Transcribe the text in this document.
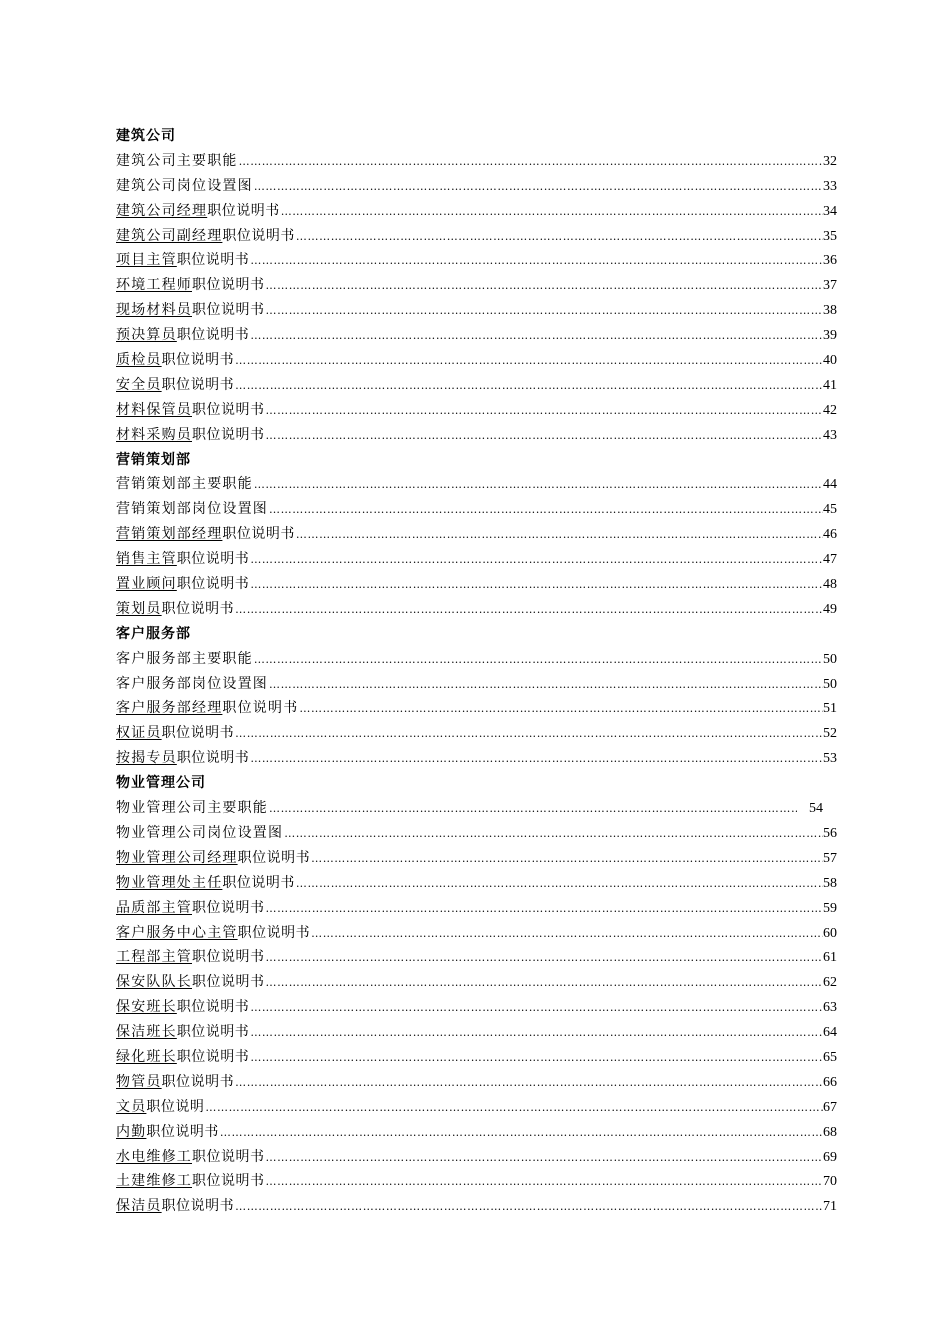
建筑公司
建筑公司主要职能 …………………………………………………………………………………………………………………………………………………………………………………………………………………………………………	32
建筑公司岗位设置图 …………………………………………………………………………………………………………………………………………………………………………………………………………………………………………	33
建筑公司经理职位说明书 …………………………………………………………………………………………………………………………………………………………………………………………………………………………………………	34
建筑公司副经理职位说明书 …………………………………………………………………………………………………………………………………………………………………………………………………………………………………………	35
项目主管职位说明书 …………………………………………………………………………………………………………………………………………………………………………………………………………………………………………	36
环境工程师职位说明书 …………………………………………………………………………………………………………………………………………………………………………………………………………………………………………	37
现场材料员职位说明书 …………………………………………………………………………………………………………………………………………………………………………………………………………………………………………	38
预决算员职位说明书 …………………………………………………………………………………………………………………………………………………………………………………………………………………………………………	39
质检员职位说明书 …………………………………………………………………………………………………………………………………………………………………………………………………………………………………………	40
安全员职位说明书 …………………………………………………………………………………………………………………………………………………………………………………………………………………………………………	41
材料保管员职位说明书 …………………………………………………………………………………………………………………………………………………………………………………………………………………………………………	42
材料采购员职位说明书 …………………………………………………………………………………………………………………………………………………………………………………………………………………………………………	43
营销策划部
营销策划部主要职能 …………………………………………………………………………………………………………………………………………………………………………………………………………………………………………	44
营销策划部岗位设置图 …………………………………………………………………………………………………………………………………………………………………………………………………………………………………………	45
营销策划部经理职位说明书 …………………………………………………………………………………………………………………………………………………………………………………………………………………………………………	46
销售主管职位说明书 …………………………………………………………………………………………………………………………………………………………………………………………………………………………………………	47
置业顾问职位说明书 …………………………………………………………………………………………………………………………………………………………………………………………………………………………………………	48
策划员职位说明书 …………………………………………………………………………………………………………………………………………………………………………………………………………………………………………	49
客户服务部
客户服务部主要职能 …………………………………………………………………………………………………………………………………………………………………………………………………………………………………………	50
客户服务部岗位设置图 …………………………………………………………………………………………………………………………………………………………………………………………………………………………………………	50
客户服务部经理职位说明书 …………………………………………………………………………………………………………………………………………………………………………………………………………………………………………	51
权证员职位说明书 …………………………………………………………………………………………………………………………………………………………………………………………………………………………………………	52
按揭专员职位说明书 …………………………………………………………………………………………………………………………………………………………………………………………………………………………………………	53
物业管理公司
物业管理公司主要职能 …………………………………………………………………………………………………………………………………………………………………………………………………………………………………………	54
物业管理公司岗位设置图 …………………………………………………………………………………………………………………………………………………………………………………………………………………………………………	56
物业管理公司经理职位说明书 …………………………………………………………………………………………………………………………………………………………………………………………………………………………………………	57
物业管理处主任职位说明书 …………………………………………………………………………………………………………………………………………………………………………………………………………………………………………	58
品质部主管职位说明书 …………………………………………………………………………………………………………………………………………………………………………………………………………………………………………	59
客户服务中心主管职位说明书 …………………………………………………………………………………………………………………………………………………………………………………………………………………………………………	60
工程部主管职位说明书 …………………………………………………………………………………………………………………………………………………………………………………………………………………………………………	61
保安队队长职位说明书 …………………………………………………………………………………………………………………………………………………………………………………………………………………………………………	62
保安班长职位说明书 …………………………………………………………………………………………………………………………………………………………………………………………………………………………………………	63
保洁班长职位说明书 …………………………………………………………………………………………………………………………………………………………………………………………………………………………………………	64
绿化班长职位说明书 …………………………………………………………………………………………………………………………………………………………………………………………………………………………………………	65
物管员职位说明书 …………………………………………………………………………………………………………………………………………………………………………………………………………………………………………	66
文员职位说明 …………………………………………………………………………………………………………………………………………………………………………………………………………………………………………	67
内勤职位说明书 …………………………………………………………………………………………………………………………………………………………………………………………………………………………………………	68
水电维修工职位说明书 …………………………………………………………………………………………………………………………………………………………………………………………………………………………………………	69
土建维修工职位说明书 …………………………………………………………………………………………………………………………………………………………………………………………………………………………………………	70
保洁员职位说明书 …………………………………………………………………………………………………………………………………………………………………………………………………………………………………………	71
